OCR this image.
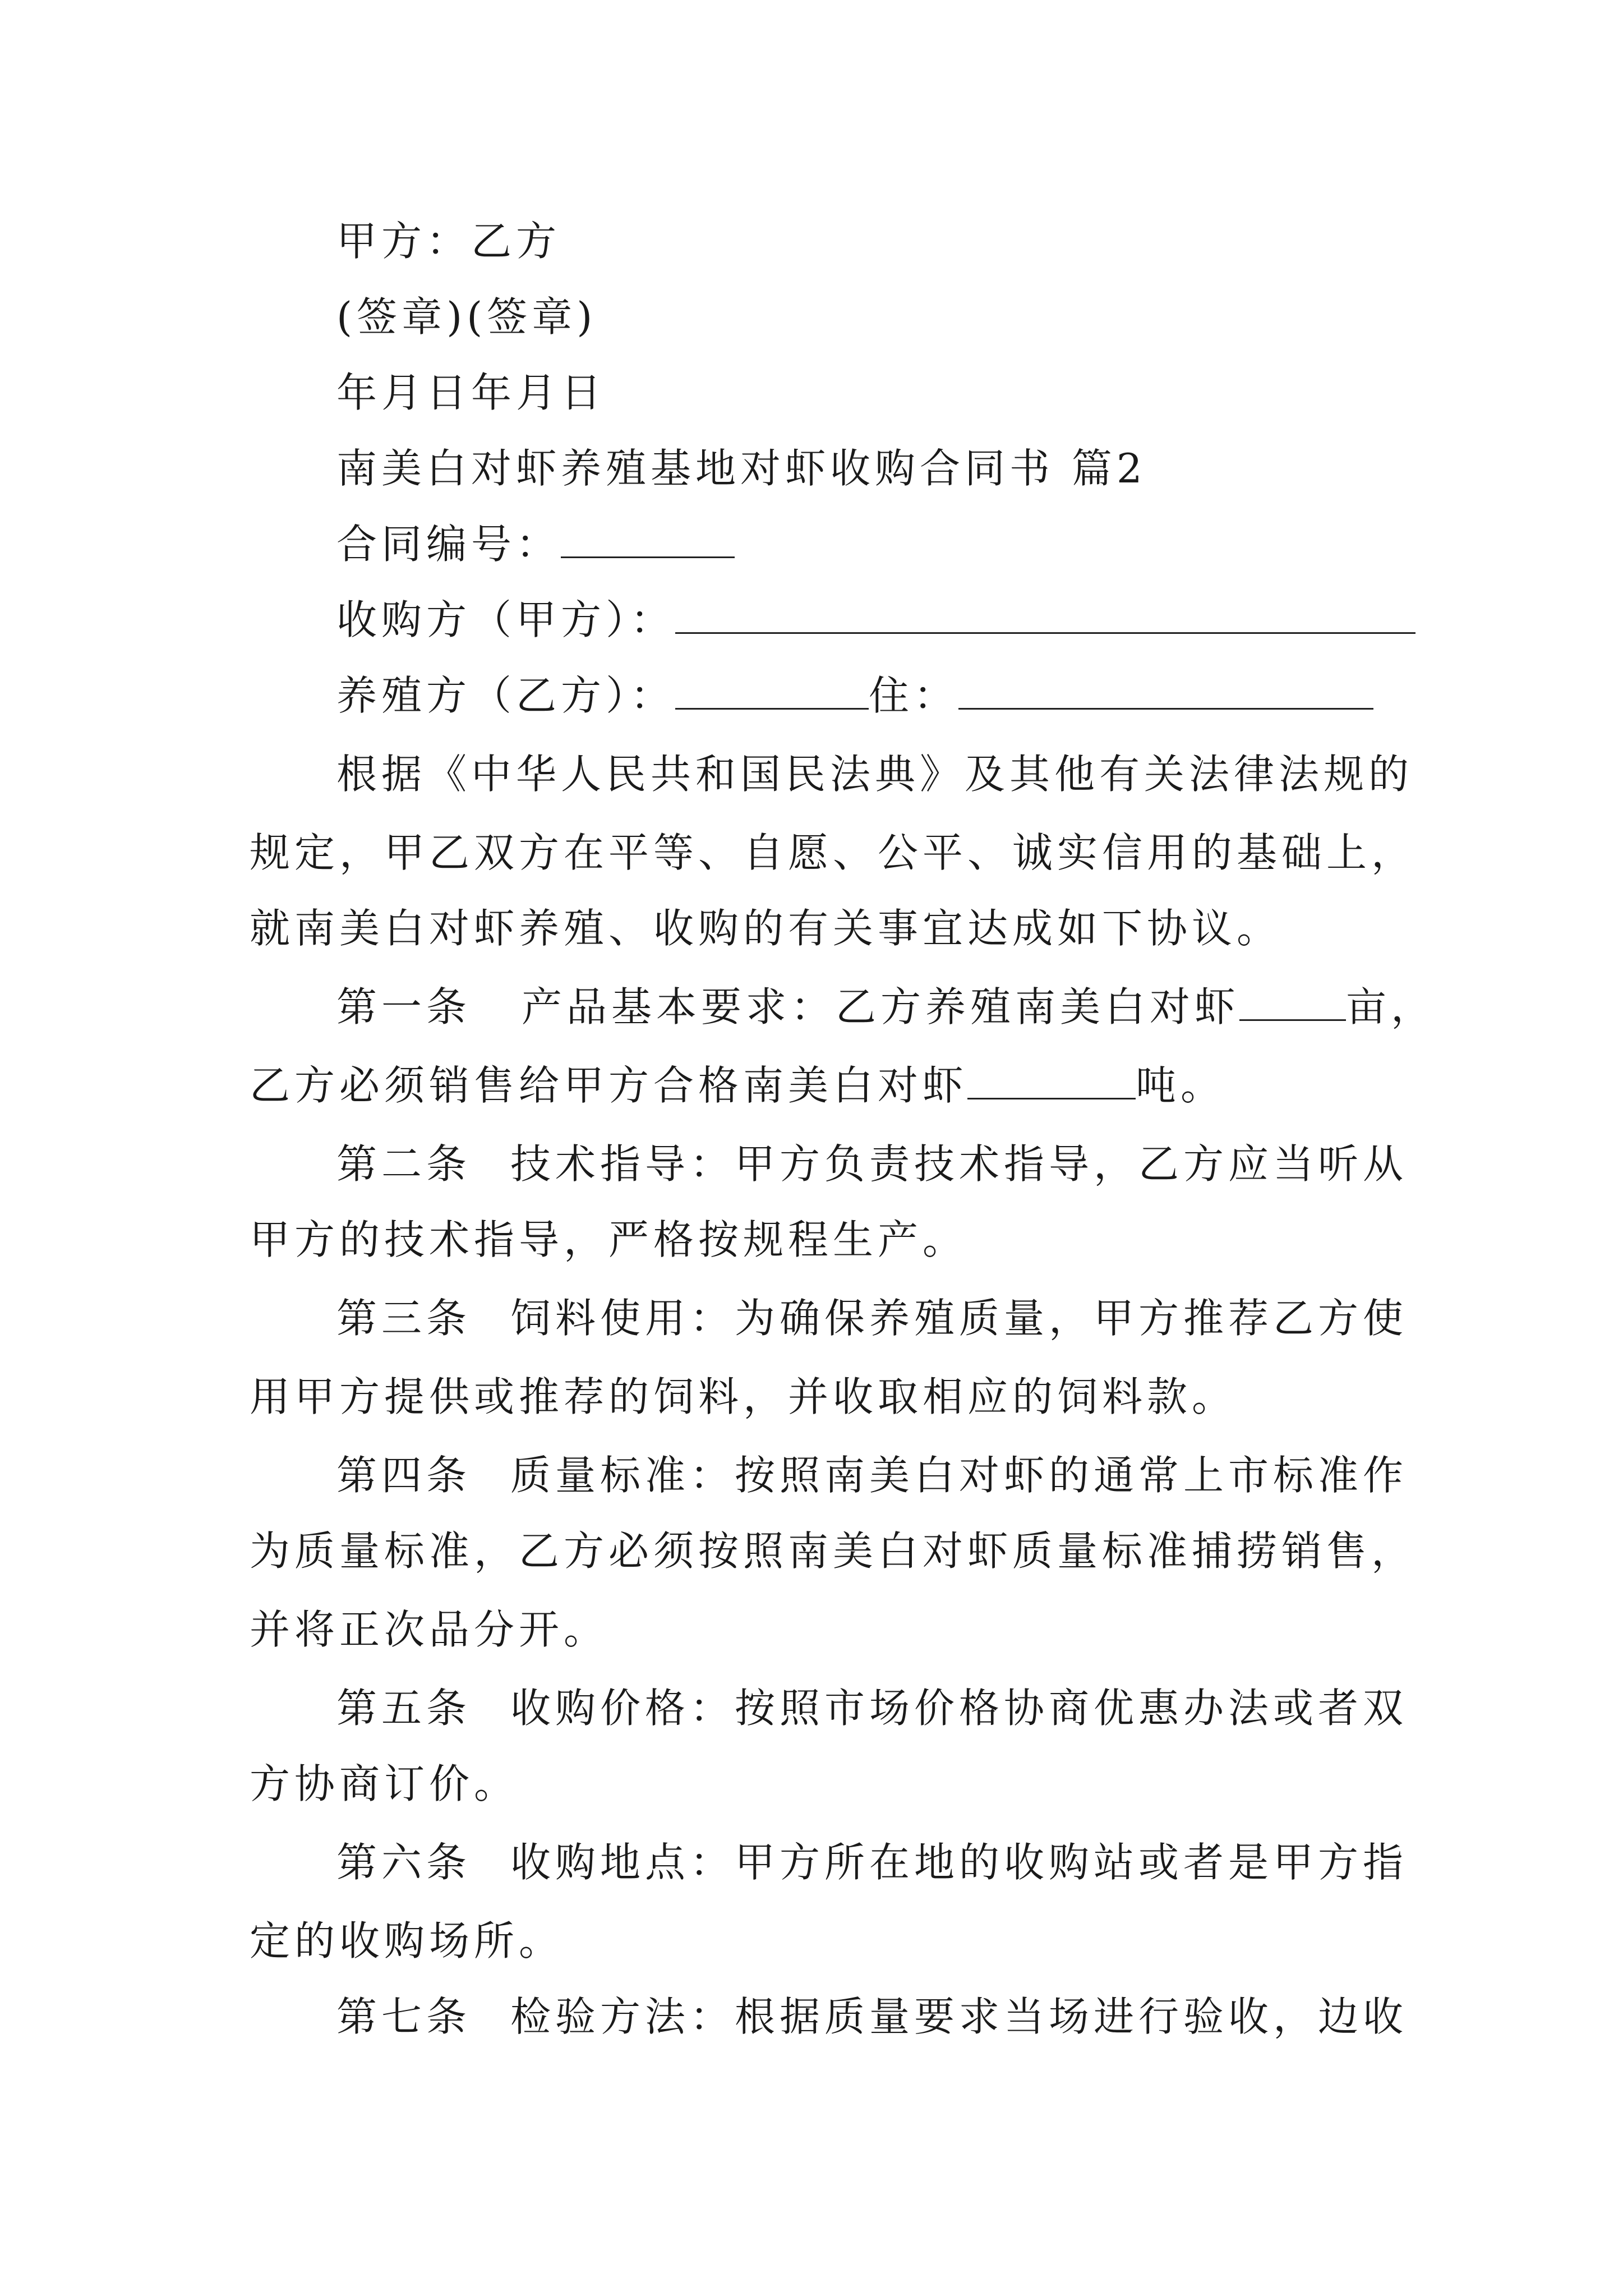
甲方：乙方
(签章)(签章)
年月日年月日
南美白对虾养殖基地对虾收购合同书 篇2
合同编号：
收购方（甲方）：
养殖方（乙方）：	住：
根据《中华人民共和国民法典》及其他有关法律法规的
规定，甲乙双方在平等、自愿、公平、诚实信用的基础上，
就南美白对虾养殖、收购的有关事宜达成如下协议。
第一条 产品基本要求：乙方养殖南美白对虾	亩，
乙方必须销售给甲方合格南美白对虾	吨。
第二条 技术指导：甲方负责技术指导，乙方应当听从
甲方的技术指导，严格按规程生产。
第三条 饲料使用：为确保养殖质量，甲方推荐乙方使
用甲方提供或推荐的饲料，并收取相应的饲料款。
第四条 质量标准：按照南美白对虾的通常上市标准作
为质量标准，乙方必须按照南美白对虾质量标准捕捞销售，
并将正次品分开。
第五条 收购价格：按照市场价格协商优惠办法或者双
方协商订价。
第六条 收购地点：甲方所在地的收购站或者是甲方指
定的收购场所。
第七条 检验方法：根据质量要求当场进行验收，边收
